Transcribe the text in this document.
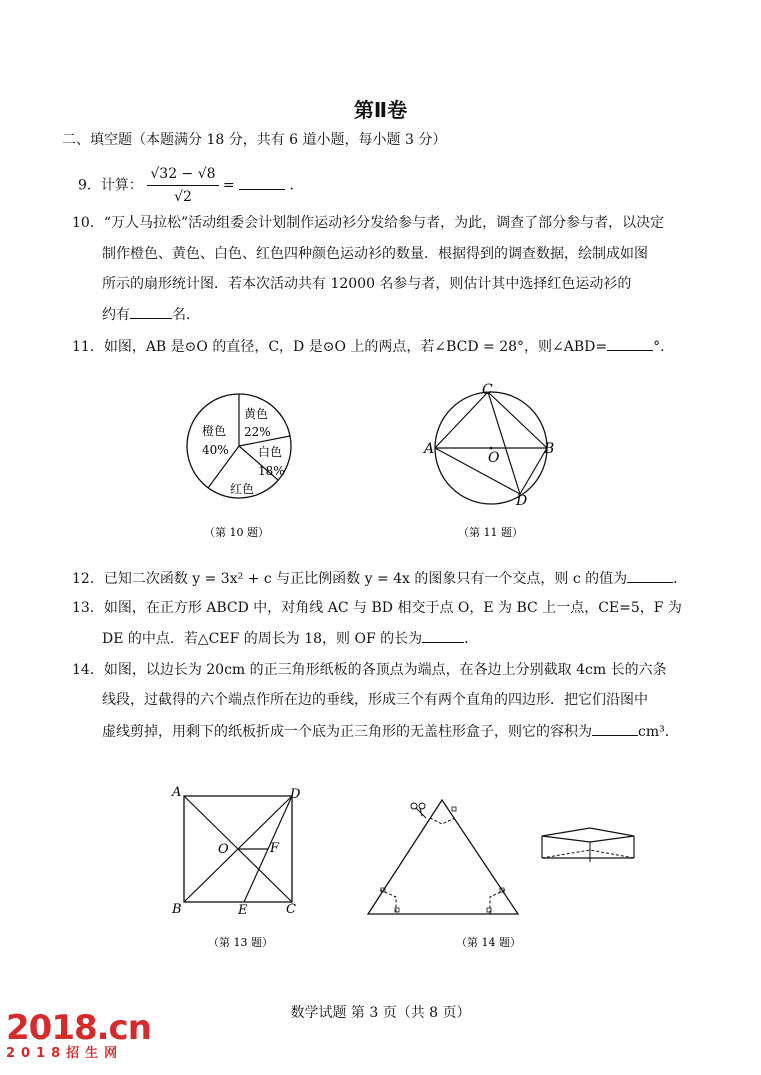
第Ⅱ卷
二、填空题（本题满分 18 分，共有 6 道小题，每小题 3 分）
9．计算： $\frac{√32 - √8}{√2}$ =	．
10．“万人马拉松”活动组委会计划制作运动衫分发给参与者，为此，调查了部分参与者，以决定
制作橙色、黄色、白色、红色四种颜色运动衫的数量．根据得到的调查数据，绘制成如图
所示的扇形统计图．若本次活动共有 12000 名参与者，则估计其中选择红色运动衫的
约有	名．
11．如图，AB 是⊙O 的直径，C，D 是⊙O 上的两点，若∠BCD = 28°，则∠ABD=	°．
黄色
22%
橙色
40% 白色
18%
红色
（第 10 题）
C
A	B
O
D
（第 11 题）
12．已知二次函数 y = 3x² + c 与正比例函数 y = 4x 的图象只有一个交点，则 c 的值为	．
13．如图，在正方形 ABCD 中，对角线 AC 与 BD 相交于点 O，E 为 BC 上一点，CE=5，F 为
DE 的中点．若△CEF 的周长为 18，则 OF 的长为	．
14．如图，以边长为 20cm 的正三角形纸板的各顶点为端点，在各边上分别截取 4cm 长的六条
线段，过截得的六个端点作所在边的垂线，形成三个有两个直角的四边形．把它们沿图中
虚线剪掉，用剩下的纸板折成一个底为正三角形的无盖柱形盒子，则它的容积为	cm³．
A	D
B	C
E
F
O
（第 13 题）	（第 14 题）
数学试题 第 3 页（共 8 页）
2018.cn
2018招生网
